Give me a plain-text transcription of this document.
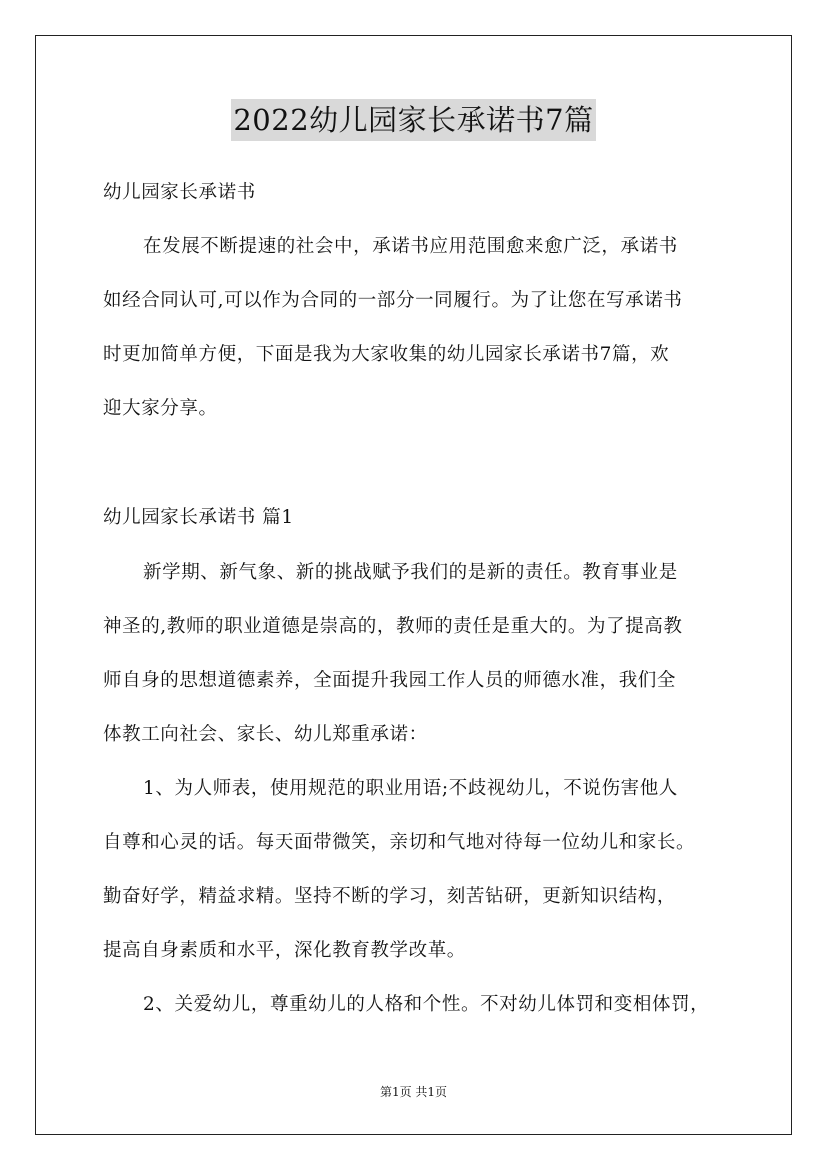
2022幼儿园家长承诺书7篇
幼儿园家长承诺书
在发展不断提速的社会中，承诺书应用范围愈来愈广泛，承诺书
如经合同认可,可以作为合同的一部分一同履行。为了让您在写承诺书
时更加简单方便，下面是我为大家收集的幼儿园家长承诺书7篇，欢
迎大家分享。
幼儿园家长承诺书 篇1
新学期、新气象、新的挑战赋予我们的是新的责任。教育事业是
神圣的,教师的职业道德是崇高的，教师的责任是重大的。为了提高教
师自身的思想道德素养，全面提升我园工作人员的师德水准，我们全
体教工向社会、家长、幼儿郑重承诺：
1、为人师表，使用规范的职业用语;不歧视幼儿，不说伤害他人
自尊和心灵的话。每天面带微笑，亲切和气地对待每一位幼儿和家长。
勤奋好学，精益求精。坚持不断的学习，刻苦钻研，更新知识结构，
提高自身素质和水平，深化教育教学改革。
2、关爱幼儿，尊重幼儿的人格和个性。不对幼儿体罚和变相体罚，
第1页 共1页
